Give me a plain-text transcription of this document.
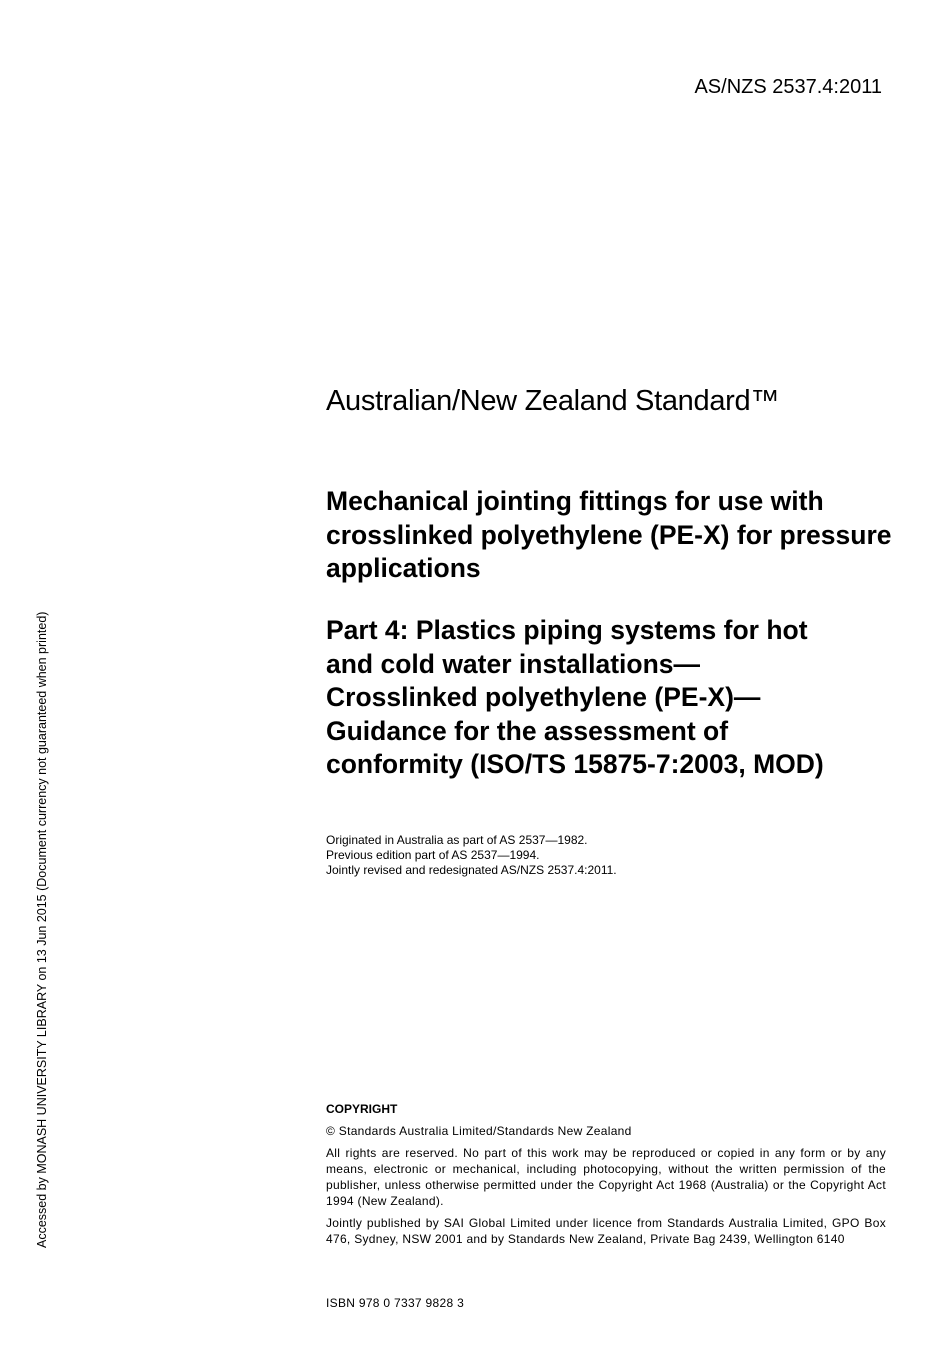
AS/NZS 2537.4:2011
Accessed by MONASH UNIVERSITY LIBRARY on 13 Jun 2015 (Document currency not guaranteed when printed)
Australian/New Zealand Standard™
Mechanical jointing fittings for use with crosslinked polyethylene (PE-X) for pressure applications
Part 4: Plastics piping systems for hot
and cold water installations—
Crosslinked polyethylene (PE-X)—
Guidance for the assessment of
conformity (ISO/TS 15875-7:2003, MOD)
Originated in Australia as part of AS 2537—1982.
Previous edition part of AS 2537—1994.
Jointly revised and redesignated AS/NZS 2537.4:2011.
COPYRIGHT
© Standards Australia Limited/Standards New Zealand
All rights are reserved. No part of this work may be reproduced or copied in any form or by any means, electronic or mechanical, including photocopying, without the written permission of the publisher, unless otherwise permitted under the Copyright Act 1968 (Australia) or the Copyright Act 1994 (New Zealand).
Jointly published by SAI Global Limited under licence from Standards Australia Limited, GPO Box 476, Sydney, NSW 2001 and by Standards New Zealand, Private Bag 2439, Wellington 6140
ISBN 978 0 7337 9828 3
